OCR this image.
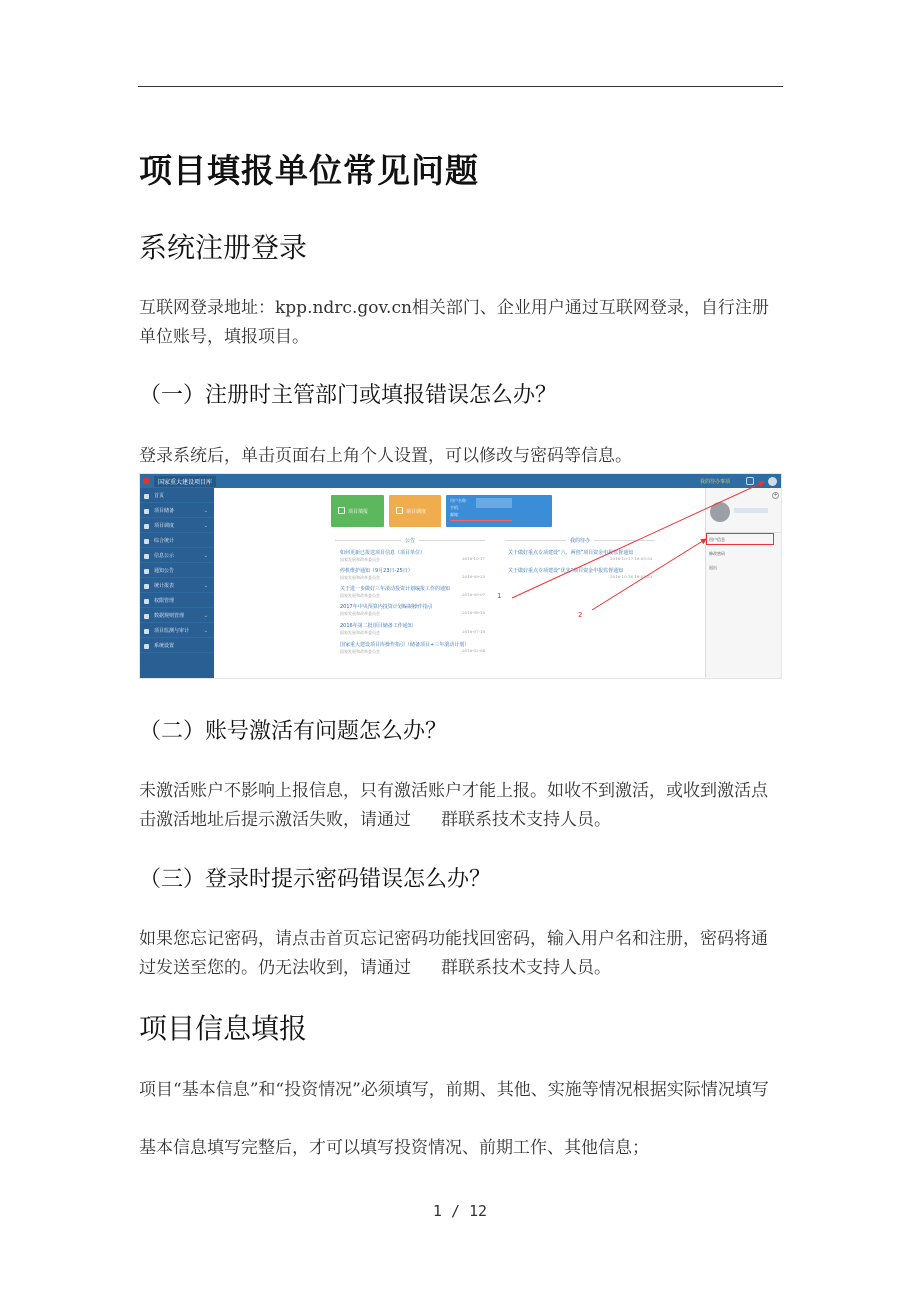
项目填报单位常见问题
系统注册登录
互联网登录地址：kpp.ndrc.gov.cn相关部门、企业用户通过互联网登录，自行注册单位账号，填报项目。
（一）注册时主管部门或填报错误怎么办？
登录系统后，单击页面右上角个人设置，可以修改与密码等信息。
（二）账号激活有问题怎么办？
未激活账户不影响上报信息，只有激活账户才能上报。如收不到激活，或收到激活点击激活地址后提示激活失败，请通过 群联系技术支持人员。
（三）登录时提示密码错误怎么办？
如果您忘记密码，请点击首页忘记密码功能找回密码，输入用户名和注册，密码将通过发送至您的。仍无法收到，请通过 群联系技术支持人员。
项目信息填报
项目“基本信息”和“投资情况”必须填写，前期、其他、实施等情况根据实际情况填写
基本信息填写完整后，才可以填写投资情况、前期工作、其他信息；
国家重大建设项目库	我的待办事项
首页
项目储备	⌄
项目调度	⌄
综合统计
信息公示	⌄
通知公告
统计报表	⌄
权限管理
数据规则管理	⌄
项目监测与审计	⌄
系统设置
项目填报	项目调度
用户名称：
手机：
邮箱：
公告	我的待办
如何更新已报送项目信息（项目单位）
国家发展和改革委员会	2016-10-17
停机维护通知（9月23日-25日）
国家发展和改革委员会	2016-09-23
关于进一步做好三年滚动投资计划编报工作的通知
国家发展和改革委员会	2016-09-07
2017年中央预算内投资计划编制操作指引
国家发展和改革委员会	2016-08-18
2016年第二批项目储备工作通知
国家发展和改革委员会	2016-07-18
国家重大建设项目库操作指引（储备项目+三年滚动计划）
国家发展和改革委员会	2016-02-04
关于做好重点专项建设“六、两创”项目资金申报监督通知
2016-10-17 16:05:53
关于做好重点专项建设“优先”项目资金申报监督通知
2016-10-16 16:05:53
+
用户信息
修改密码
退出
1
2
1 / 12
